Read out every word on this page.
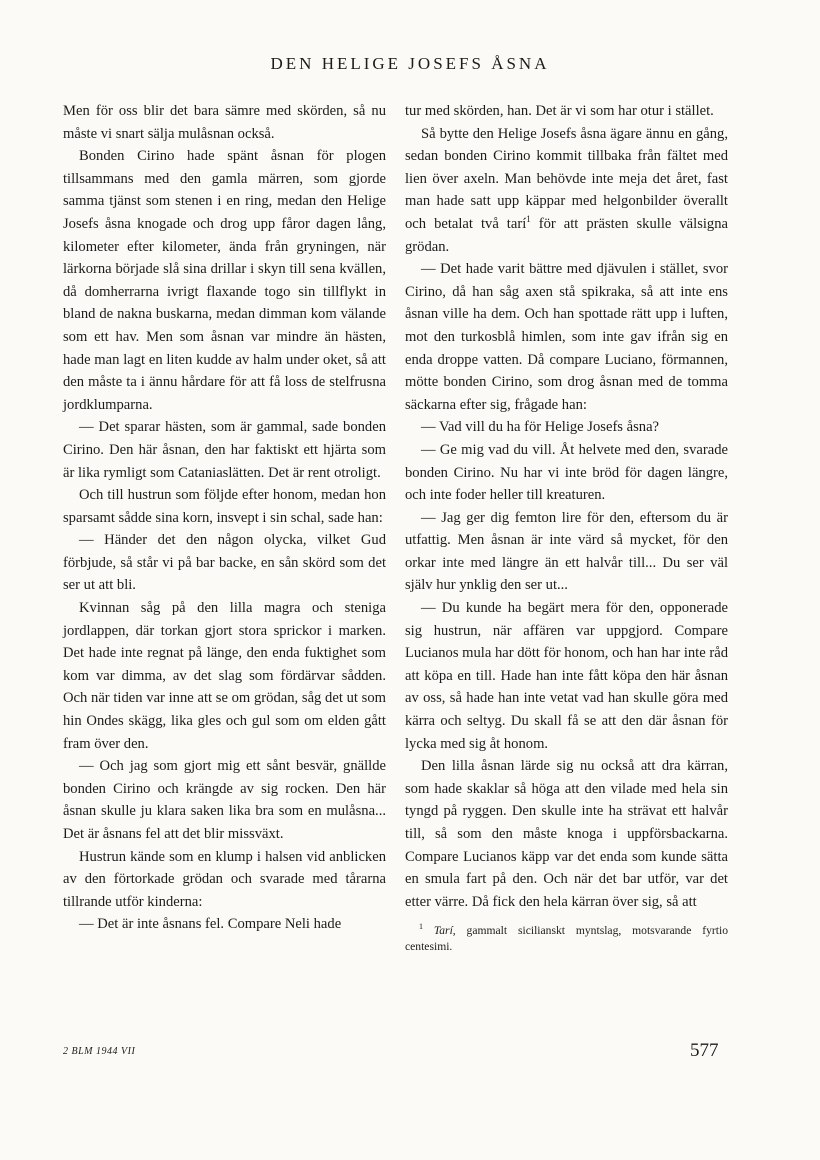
DEN HELIGE JOSEFS ÅSNA

Men för oss blir det bara sämre med skörden, så nu måste vi snart sälja mulåsnan också.

Bonden Cirino hade spänt åsnan för plogen tillsammans med den gamla märren, som gjorde samma tjänst som stenen i en ring, medan den Helige Josefs åsna knogade och drog upp fåror dagen lång, kilometer efter kilometer, ända från gryningen, när lärkorna började slå sina drillar i skyn till sena kvällen, då domherrarna ivrigt flaxande togo sin tillflykt in bland de nakna buskarna, medan dimman kom välande som ett hav. Men som åsnan var mindre än hästen, hade man lagt en liten kudde av halm under oket, så att den måste ta i ännu hårdare för att få loss de stelfrusna jordklumparna.

— Det sparar hästen, som är gammal, sade bonden Cirino. Den här åsnan, den har faktiskt ett hjärta som är lika rymligt som Cataniaslätten. Det är rent otroligt.

Och till hustrun som följde efter honom, medan hon sparsamt sådde sina korn, insvept i sin schal, sade han:

— Händer det den någon olycka, vilket Gud förbjude, så står vi på bar backe, en sån skörd som det ser ut att bli.

Kvinnan såg på den lilla magra och steniga jordlappen, där torkan gjort stora sprickor i marken. Det hade inte regnat på länge, den enda fuktighet som kom var dimma, av det slag som fördärvar sådden. Och när tiden var inne att se om grödan, såg det ut som hin Ondes skägg, lika gles och gul som om elden gått fram över den.

— Och jag som gjort mig ett sånt besvär, gnällde bonden Cirino och krängde av sig rocken. Den här åsnan skulle ju klara saken lika bra som en mulåsna... Det är åsnans fel att det blir missväxt.

Hustrun kände som en klump i halsen vid anblicken av den förtorkade grödan och svarade med tårarna tillrande utför kinderna:

— Det är inte åsnans fel. Compare Neli hade

tur med skörden, han. Det är vi som har otur i stället.

Så bytte den Helige Josefs åsna ägare ännu en gång, sedan bonden Cirino kommit tillbaka från fältet med lien över axeln. Man behövde inte meja det året, fast man hade satt upp käppar med helgonbilder överallt och betalat två tarí$^1$ för att prästen skulle välsigna grödan.

— Det hade varit bättre med djävulen i stället, svor Cirino, då han såg axen stå spikraka, så att inte ens åsnan ville ha dem. Och han spottade rätt upp i luften, mot den turkosblå himlen, som inte gav ifrån sig en enda droppe vatten. Då compare Luciano, förmannen, mötte bonden Cirino, som drog åsnan med de tomma säckarna efter sig, frågade han:

— Vad vill du ha för Helige Josefs åsna?

— Ge mig vad du vill. Åt helvete med den, svarade bonden Cirino. Nu har vi inte bröd för dagen längre, och inte foder heller till kreaturen.

— Jag ger dig femton lire för den, eftersom du är utfattig. Men åsnan är inte värd så mycket, för den orkar inte med längre än ett halvår till... Du ser väl själv hur ynklig den ser ut...

— Du kunde ha begärt mera för den, opponerade sig hustrun, när affären var uppgjord. Compare Lucianos mula har dött för honom, och han har inte råd att köpa en till. Hade han inte fått köpa den här åsnan av oss, så hade han inte vetat vad han skulle göra med kärra och seltyg. Du skall få se att den där åsnan för lycka med sig åt honom.

Den lilla åsnan lärde sig nu också att dra kärran, som hade skaklar så höga att den vilade med hela sin tyngd på ryggen. Den skulle inte ha strävat ett halvår till, så som den måste knoga i uppförsbackarna. Compare Lucianos käpp var det enda som kunde sätta en smula fart på den. Och när det bar utför, var det etter värre. Då fick den hela kärran över sig, så att

$^1$ Tarí, gammalt sicilianskt myntslag, motsvarande fyrtio centesimi.
2 BLM 1944 VII	577
